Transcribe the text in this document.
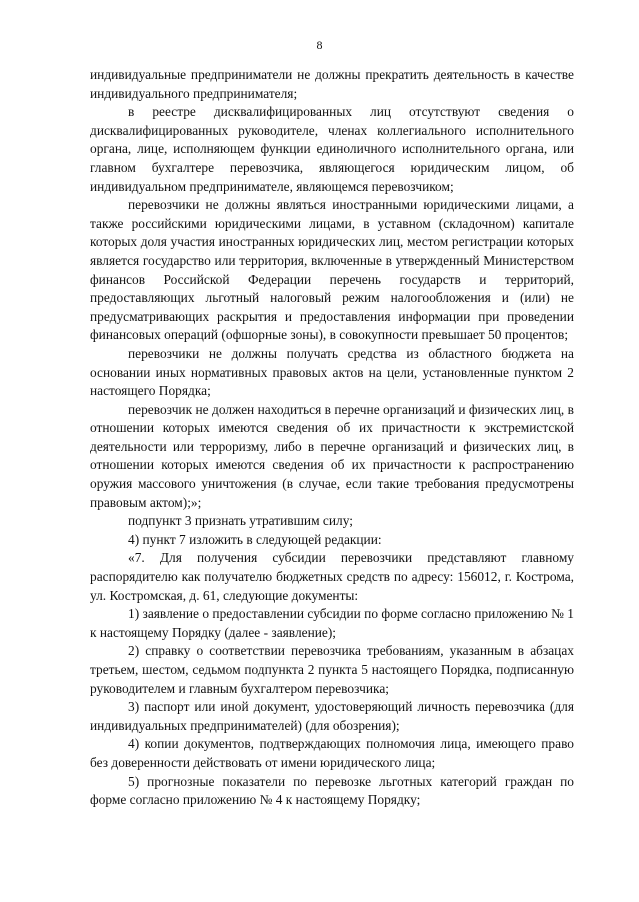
8

индивидуальные предприниматели не должны прекратить деятельность в качестве индивидуального предпринимателя;

в реестре дисквалифицированных лиц отсутствуют сведения о дисквалифицированных руководителе, членах коллегиального исполнительного органа, лице, исполняющем функции единоличного исполнительного органа, или главном бухгалтере перевозчика, являющегося юридическим лицом, об индивидуальном предпринимателе, являющемся перевозчиком;

перевозчики не должны являться иностранными юридическими лицами, а также российскими юридическими лицами, в уставном (складочном) капитале которых доля участия иностранных юридических лиц, местом регистрации которых является государство или территория, включенные в утвержденный Министерством финансов Российской Федерации перечень государств и территорий, предоставляющих льготный налоговый режим налогообложения и (или) не предусматривающих раскрытия и предоставления информации при проведении финансовых операций (офшорные зоны), в совокупности превышает 50 процентов;

перевозчики не должны получать средства из областного бюджета на основании иных нормативных правовых актов на цели, установленные пунктом 2 настоящего Порядка;

перевозчик не должен находиться в перечне организаций и физических лиц, в отношении которых имеются сведения об их причастности к экстремистской деятельности или терроризму, либо в перечне организаций и физических лиц, в отношении которых имеются сведения об их причастности к распространению оружия массового уничтожения (в случае, если такие требования предусмотрены правовым актом);»;

подпункт 3 признать утратившим силу;

4) пункт 7 изложить в следующей редакции:

«7. Для получения субсидии перевозчики представляют главному распорядителю как получателю бюджетных средств по адресу: 156012, г. Кострома, ул. Костромская, д. 61, следующие документы:

1) заявление о предоставлении субсидии по форме согласно приложению № 1 к настоящему Порядку (далее - заявление);

2) справку о соответствии перевозчика требованиям, указанным в абзацах третьем, шестом, седьмом подпункта 2 пункта 5 настоящего Порядка, подписанную руководителем и главным бухгалтером перевозчика;

3) паспорт или иной документ, удостоверяющий личность перевозчика (для индивидуальных предпринимателей) (для обозрения);

4) копии документов, подтверждающих полномочия лица, имеющего право без доверенности действовать от имени юридического лица;

5) прогнозные показатели по перевозке льготных категорий граждан по форме согласно приложению № 4 к настоящему Порядку;
